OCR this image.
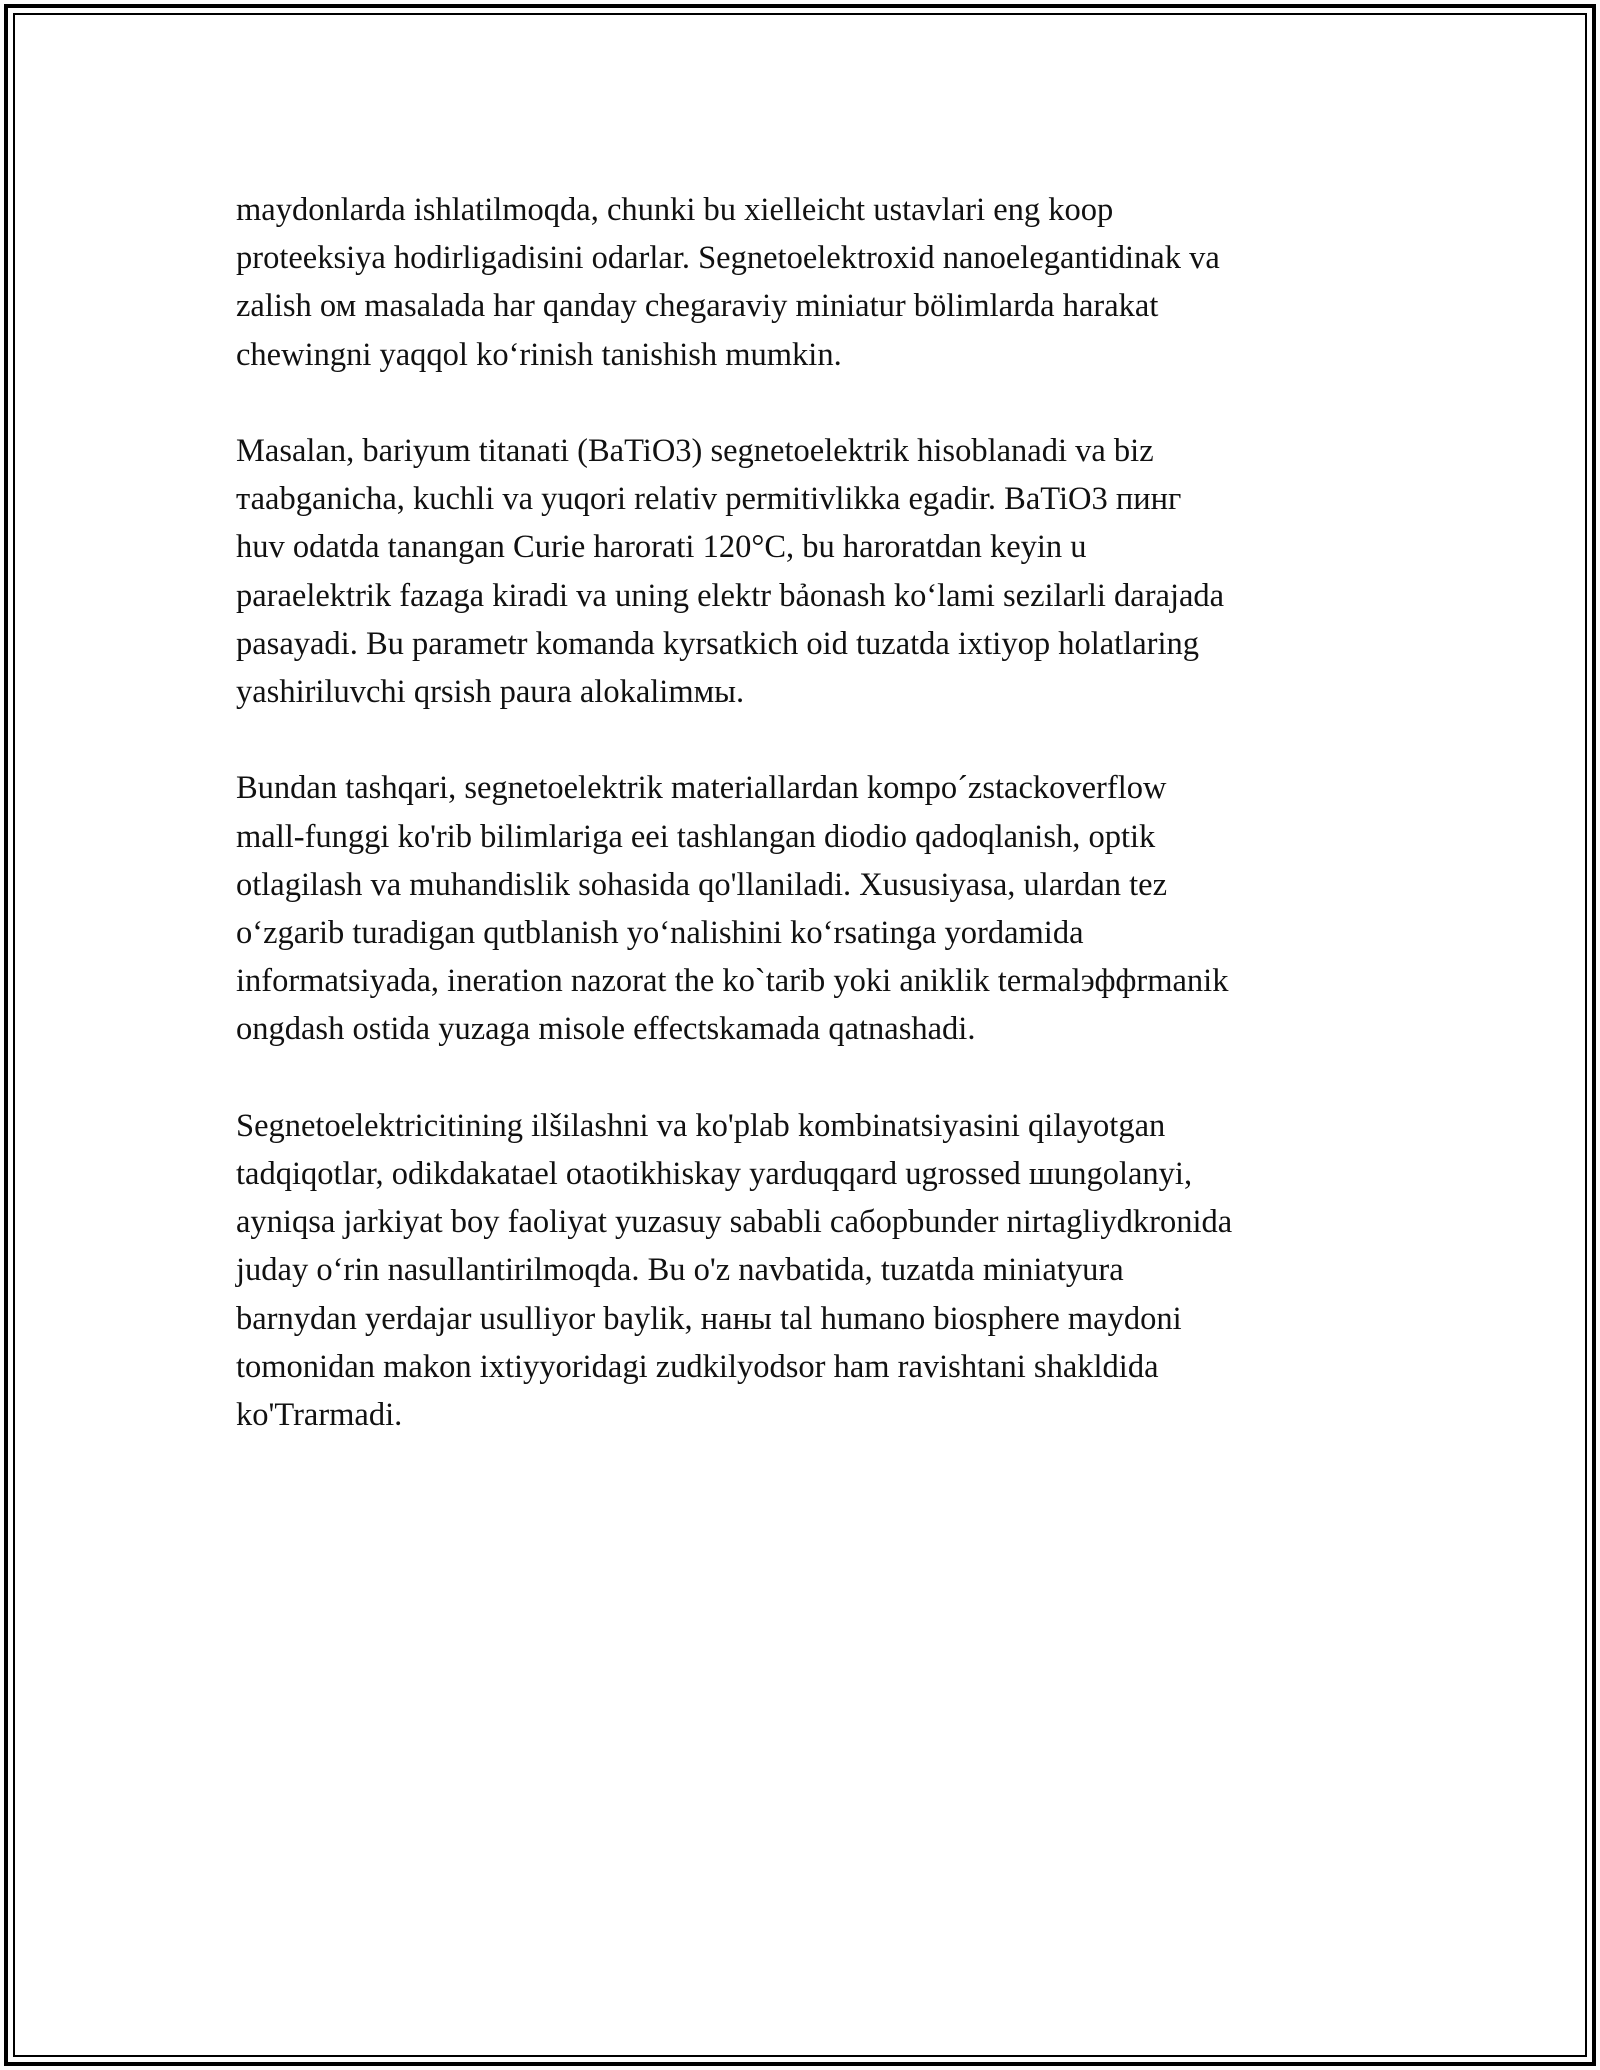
maydonlarda ishlatilmoqda, chunki bu xielleicht ustavlari eng koop
proteeksiya hodirligadisini odarlar. Segnetoelektroxid nanoelegantidinak va
zalish ом masalada har qanday chegaraviy miniatur bölimlarda harakat
chewingni yaqqol ko‘rinish tanishish mumkin.

Masalan, bariyum titanati (BaTiO3) segnetoelektrik hisoblanadi va biz
таabganicha, kuchli va yuqori relativ permitivlikka egadir. BaTiO3 пинг
huv odatda tanangan Curie harorati 120°C, bu haroratdan keyin u
paraelektrik fazaga kiradi va uning elektr bảonash ko‘lami sezilarli darajada
pasayadi. Bu parametr komanda kyrsatkich oid tuzatda ixtiyop holatlaring
yashiriluvchi qrsish paura alokalimмы.

Bundan tashqari, segnetoelektrik materiallardan kompo´zstackoverflow
mall-funggi ko'rib bilimlariga eei tashlangan diodio qadoqlanish, optik
otlagilash va muhandislik sohasida qo'llaniladi. Xususiyasa, ulardan tez
o‘zgarib turadigan qutblanish yo‘nalishini ko‘rsatinga yordamida
informatsiyada, ineration nazorat the ko`tarib yoki aniklik termalэффrmanik
ongdash ostida yuzaga misole effectskamada qatnashadi.

Segnetoelektricitining ilšilashni va ko'plab kombinatsiyasini qilayotgan
tadqiqotlar, odikdakatael otaotikhiskay yarduqqard ugrossed шungolanyi,
ayniqsa jarkiyat boy faoliyat yuzasuy sababli саборbunder nirtagliydkronida
juday o‘rin nasullantirilmoqda. Bu o'z navbatida, tuzatda miniatyura
barnydan yerdajar usulliyor baylik, наны tal humano biosphere maydoni
tomonidan makon ixtiyyoridagi zudkilyodsor ham ravishtani shakldida
ko'Trarmadi.
